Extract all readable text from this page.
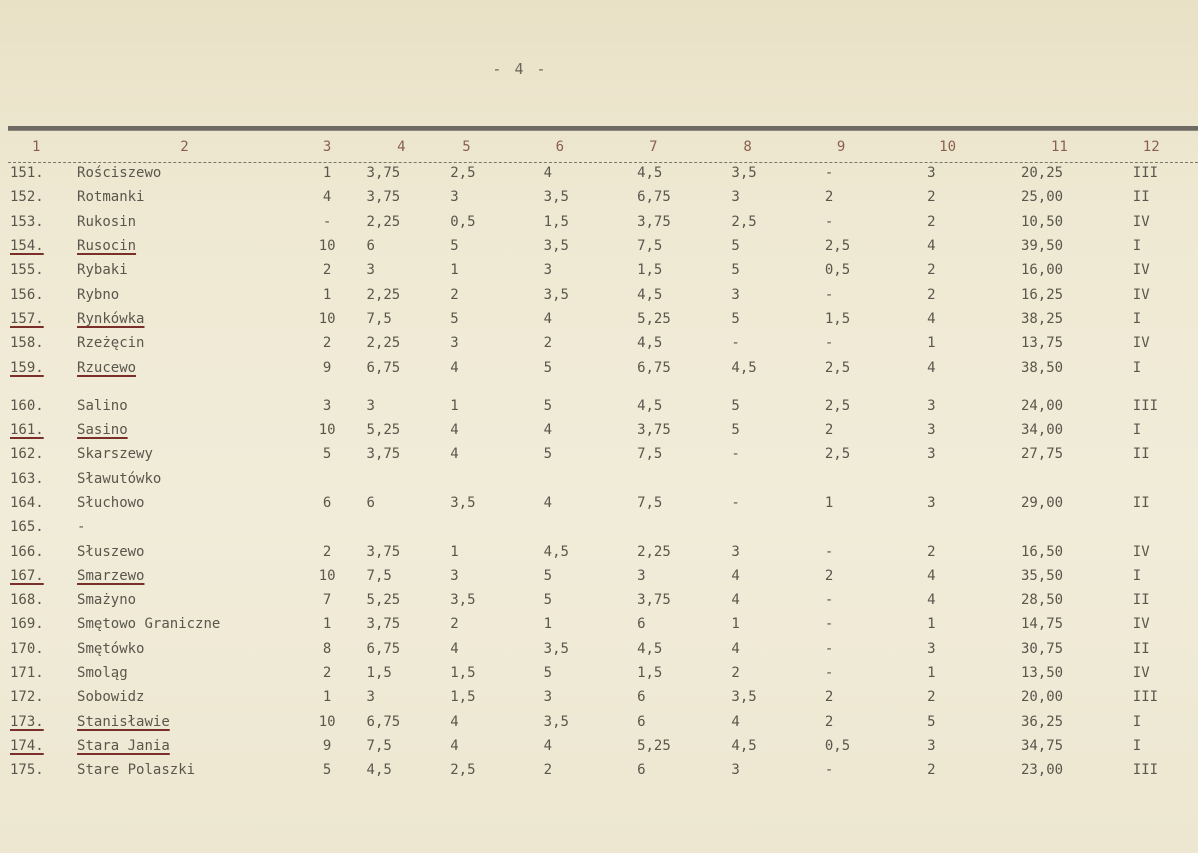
- 4 -
1	2	3	4	5	6	7	8	9	10	11	12
151.	Rościszewo	1	3,75	2,5	4	4,5	3,5	-	3	20,25	III
152.	Rotmanki	4	3,75	3	3,5	6,75	3	2	2	25,00	II
153.	Rukosin	-	2,25	0,5	1,5	3,75	2,5	-	2	10,50	IV
154.	Rusocin	10	6	5	3,5	7,5	5	2,5	4	39,50	I
155.	Rybaki	2	3	1	3	1,5	5	0,5	2	16,00	IV
156.	Rybno	1	2,25	2	3,5	4,5	3	-	2	16,25	IV
157.	Rynkówka	10	7,5	5	4	5,25	5	1,5	4	38,25	I
158.	Rzeżęcin	2	2,25	3	2	4,5	-	-	1	13,75	IV
159.	Rzucewo	9	6,75	4	5	6,75	4,5	2,5	4	38,50	I

160.	Salino	3	3	1	5	4,5	5	2,5	3	24,00	III
161.	Sasino	10	5,25	4	4	3,75	5	2	3	34,00	I
162.	Skarszewy	5	3,75	4	5	7,5	-	2,5	3	27,75	II
163.	Sławutówko										
164.	Słuchowo	6	6	3,5	4	7,5	-	1	3	29,00	II
165.	-										
166.	Słuszewo	2	3,75	1	4,5	2,25	3	-	2	16,50	IV
167.	Smarzewo	10	7,5	3	5	3	4	2	4	35,50	I
168.	Smażyno	7	5,25	3,5	5	3,75	4	-	4	28,50	II
169.	Smętowo Graniczne	1	3,75	2	1	6	1	-	1	14,75	IV
170.	Smętówko	8	6,75	4	3,5	4,5	4	-	3	30,75	II
171.	Smoląg	2	1,5	1,5	5	1,5	2	-	1	13,50	IV
172.	Sobowidz	1	3	1,5	3	6	3,5	2	2	20,00	III
173.	Stanisławie	10	6,75	4	3,5	6	4	2	5	36,25	I
174.	Stara Jania	9	7,5	4	4	5,25	4,5	0,5	3	34,75	I
175.	Stare Polaszki	5	4,5	2,5	2	6	3	-	2	23,00	III
